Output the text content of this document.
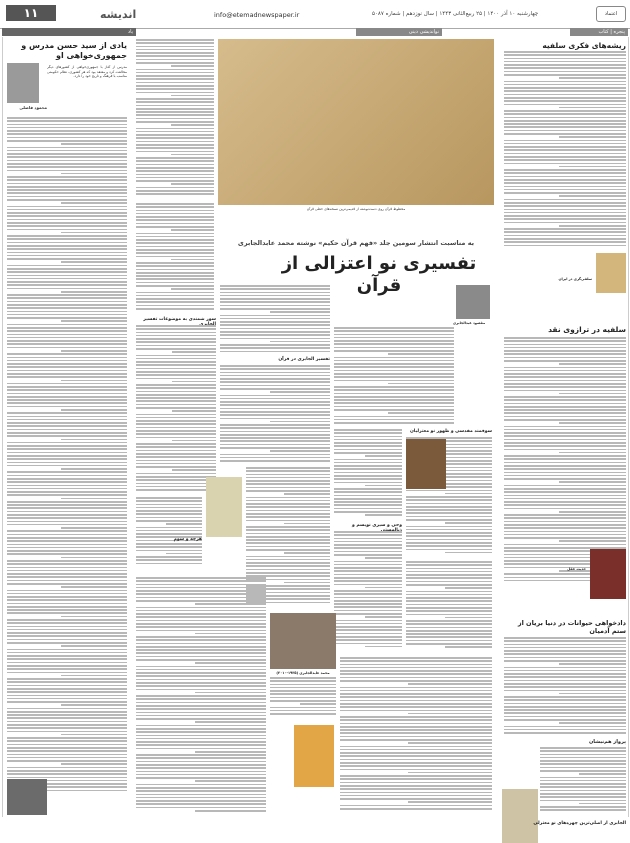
۱۱	اندیشه	info@etemadnewspaper.ir	چهارشنبه ۱۰ آذر ۱۴۰۰ | ۲۵ ربیع‌الثانی ۱۴۴۳ | سال نوزدهم | شماره ۵۰۸۷	اعتماد
یاد	نواندیشی دینی	پنجره | کتاب
یادی از سید حسن مدرس و جمهوری‌خواهی او
محمود فاضلی
مدرس از آغاز با جمهوری‌خواهی از کشورهای دیگر مخالفت کرد و معتقد بود که هر کشوری، نظام حکومتی مناسب با فرهنگ و تاریخ خود را دارد.
مخطوط قرآن روی دست‌نوشته از قدیمی‌ترین نسخه‌های خطی قرآن
به مناسبت انتشار سومین جلد «فهم قرآن حکیم» نوشته محمد عابدالجابری
تفسیری نو اعتزالی از قرآن
مقصود عبدالجابری
سور شمندی به موضوعات تفسیر
تفسیر الجابری در قرآن
سوقمند مقدسی و ظهور نو معتزلیان
هرچه و سوم
وحی و سیری نویسم و
محمد عابدالجابری (۱۹۳۵-۲۰۱۰)
ریشه‌های فکری سلفیه
سلفی‌گری در ایران
سلفیه در ترازوی نقد
حدیث عقل
دادخواهی حیوانات در دنیا بریان از ستم آدمیان
پرواز هم‌نیشان
الجابری از اصلی‌ترین چهره‌های نو معتزلی
